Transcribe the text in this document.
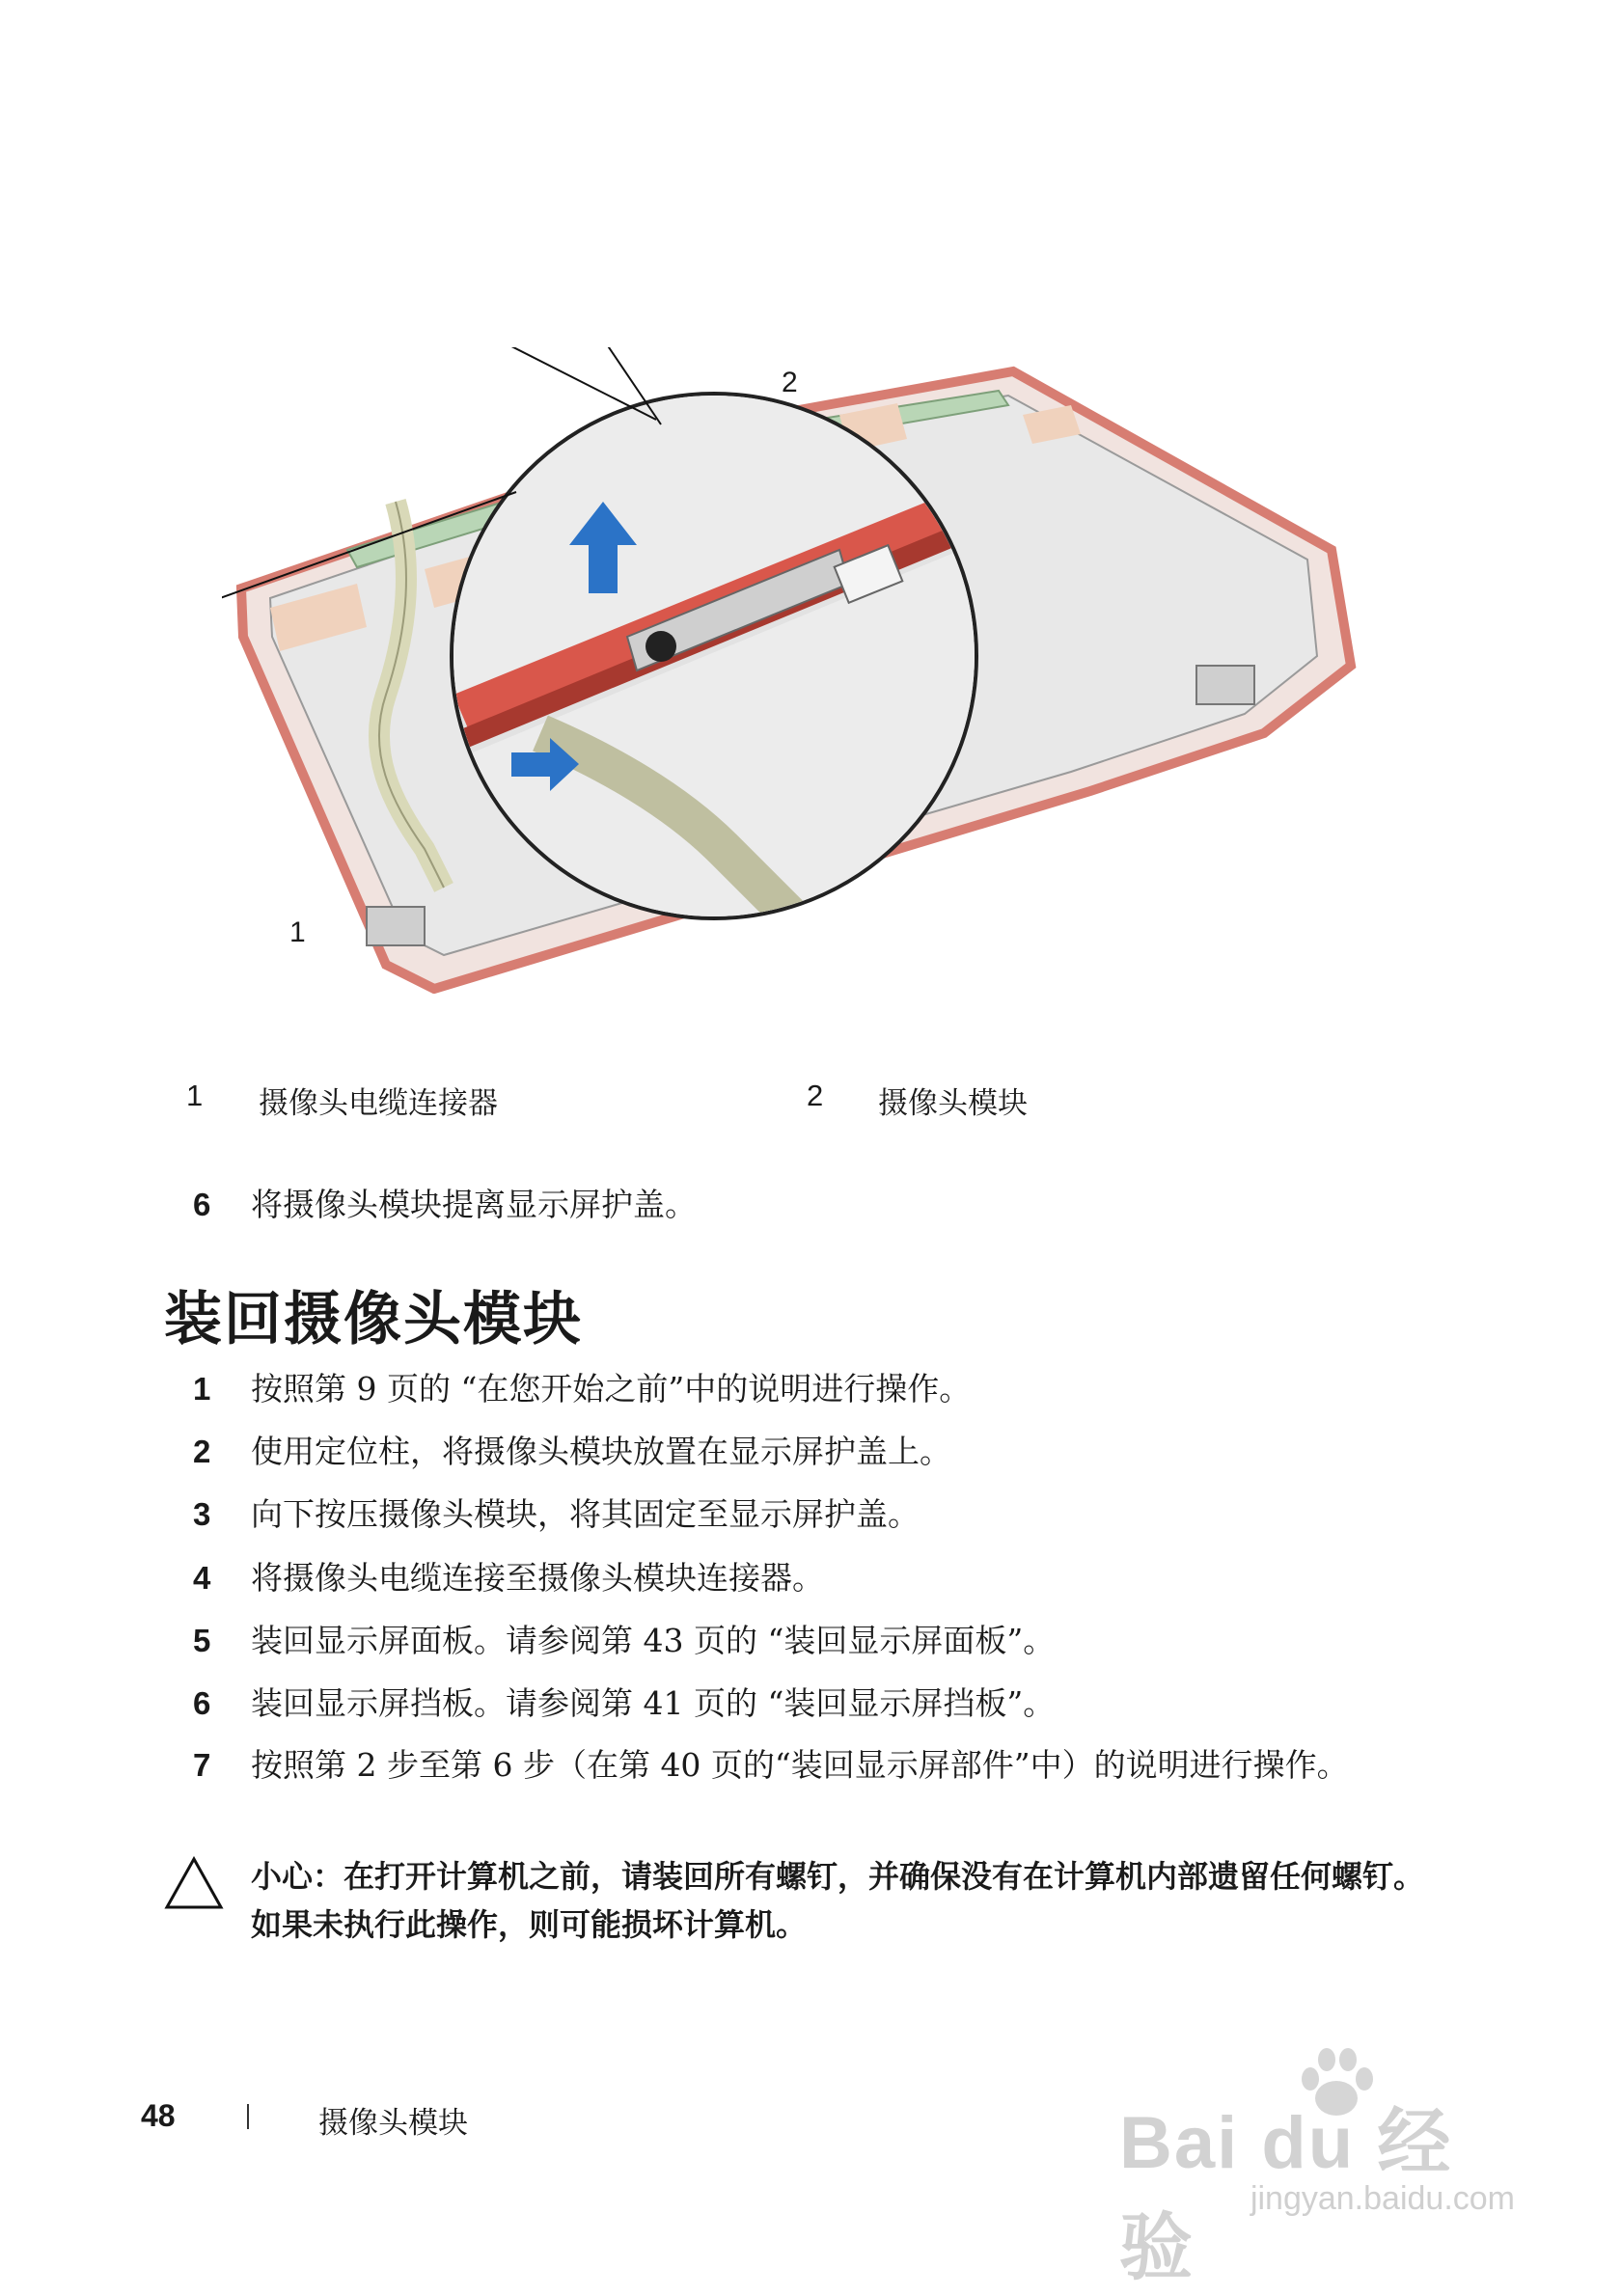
1
2
1 摄像头电缆连接器	2 摄像头模块
6 将摄像头模块提离显示屏护盖。
装回摄像头模块
1 按照第 9 页的 “在您开始之前”中的说明进行操作。
2 使用定位柱，将摄像头模块放置在显示屏护盖上。
3 向下按压摄像头模块，将其固定至显示屏护盖。
4 将摄像头电缆连接至摄像头模块连接器。
5 装回显示屏面板。请参阅第 43 页的 “装回显示屏面板”。
6 装回显示屏挡板。请参阅第 41 页的 “装回显示屏挡板”。
7 按照第 2 步至第 6 步（在第 40 页的“装回显示屏部件”中）的说明进行操作。
小心：在打开计算机之前，请装回所有螺钉，并确保没有在计算机内部遗留任何螺钉。如果未执行此操作，则可能损坏计算机。
48	摄像头模块	Bai du 经验
jingyan.baidu.com
